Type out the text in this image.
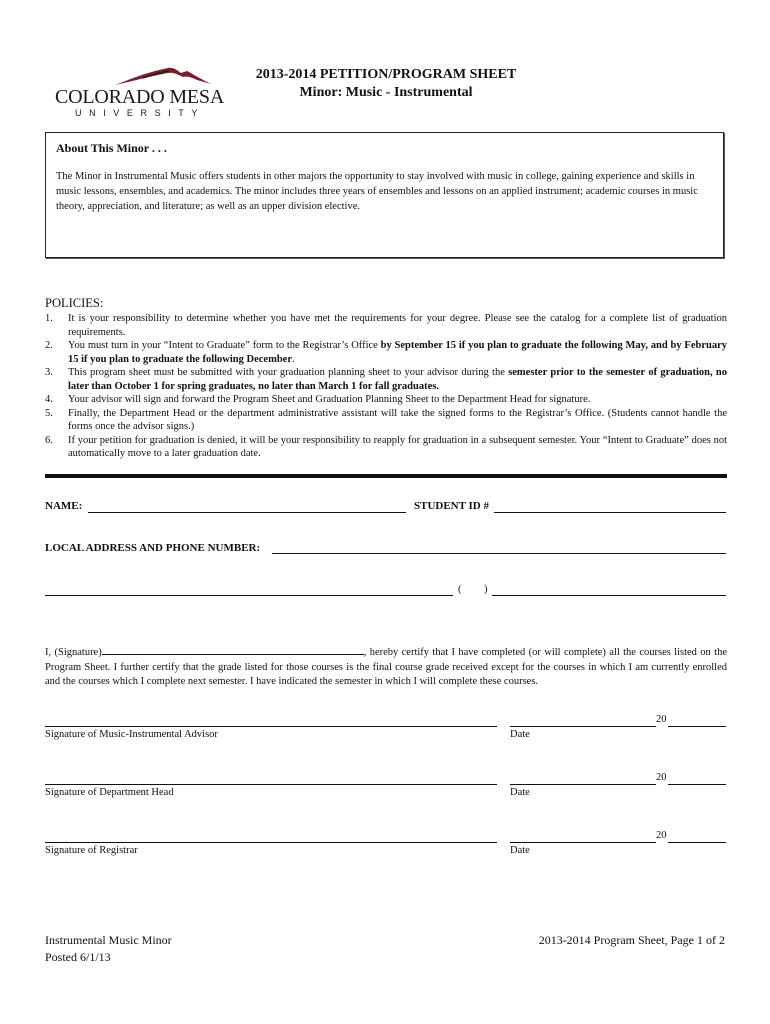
COLORADO MESA
UNIVERSITY
2013-2014 PETITION/PROGRAM SHEET
Minor: Music - Instrumental
About This Minor . . .
The Minor in Instrumental Music offers students in other majors the opportunity to stay involved with music in college, gaining experience and skills in music lessons, ensembles, and academics. The minor includes three years of ensembles and lessons on an applied instrument; academic courses in music theory, appreciation, and literature; as well as an upper division elective.
POLICIES:
1. It is your responsibility to determine whether you have met the requirements for your degree. Please see the catalog for a complete list of graduation requirements.
2. You must turn in your “Intent to Graduate” form to the Registrar’s Office by September 15 if you plan to graduate the following May, and by February 15 if you plan to graduate the following December.
3. This program sheet must be submitted with your graduation planning sheet to your advisor during the semester prior to the semester of graduation, no later than October 1 for spring graduates, no later than March 1 for fall graduates.
4. Your advisor will sign and forward the Program Sheet and Graduation Planning Sheet to the Department Head for signature.
5. Finally, the Department Head or the department administrative assistant will take the signed forms to the Registrar’s Office. (Students cannot handle the forms once the advisor signs.)
6. If your petition for graduation is denied, it will be your responsibility to reapply for graduation in a subsequent semester. Your “Intent to Graduate” does not automatically move to a later graduation date.
NAME:	STUDENT ID #
LOCAL ADDRESS AND PHONE NUMBER:
( )
I, (Signature)	, hereby certify that I have completed (or will complete) all the courses listed on the Program Sheet. I further certify that the grade listed for those courses is the final course grade received except for the courses in which I am currently enrolled and the courses which I complete next semester. I have indicated the semester in which I will complete these courses.
Signature of Music-Instrumental Advisor
20
Date
Signature of Department Head
20
Date
Signature of Registrar
20
Date
Instrumental Music Minor
Posted 6/1/13
2013-2014 Program Sheet, Page 1 of 2
